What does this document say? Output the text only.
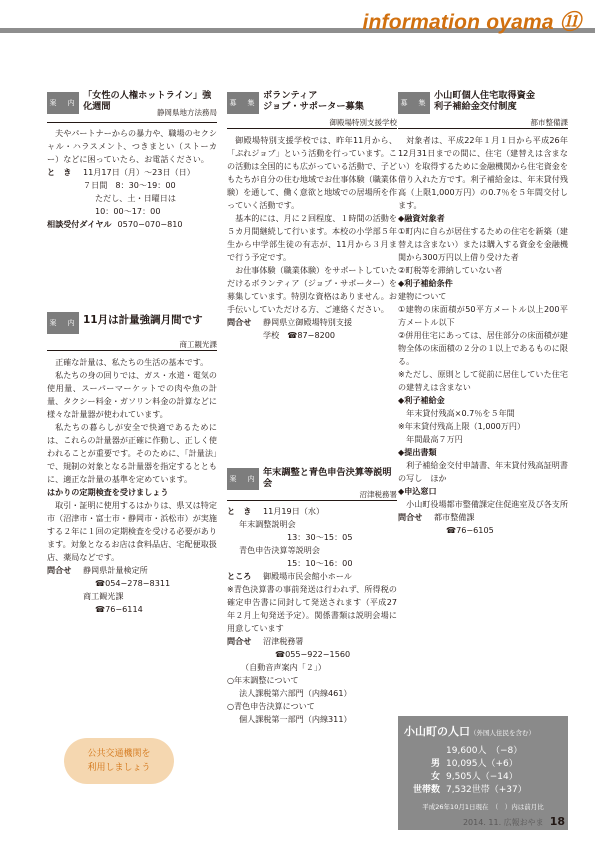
information oyama ⑪
案　内
「女性の人権ホットライン」強化週間
静岡県地方法務局

夫やパートナーからの暴力や、職場のセクシャル・ハラスメント、つきまとい（ストーカー）などに困っていたら、お電話ください。

と　き	11月17日（月）～23日（日）

７日間　8：30～19：00

ただし、土・日曜日は

10：00～17：00

相談受付ダイヤル 0570−070−810
案　内 11月は計量強調月間です
商工観光課

正確な計量は、私たちの生活の基本です。

私たちの身の回りでは、ガス・水道・電気の使用量、スーパーマーケットでの肉や魚の計量、タクシー料金・ガソリン料金の計算などに様々な計量器が使われています。

私たちの暮らしが安全で快適であるためには、これらの計量器が正確に作動し、正しく使われることが重要です。そのために、「計量法」で、規制の対象となる計量器を指定するとともに、適正な計量の基準を定めています。

はかりの定期検査を受けましょう

取引・証明に使用するはかりは、県又は特定市（沼津市・富士市・静岡市・浜松市）が実施する２年に１回の定期検査を受ける必要があります。対象となるお店は食料品店、宅配便取扱店、薬局などです。

問合せ	静岡県計量検定所

☎054−278−8311

商工観光課

☎76−6114

公共交通機関を
利用しましょう
募　集
ボランティア
ジョブ・サポーター募集
御殿場特別支援学校

御殿場特別支援学校では、昨年11月から、「ぷれジョブ」という活動を行っています。この活動は全国的にも広がっている活動で、子どもたちが自分の住む地域でお仕事体験（職業体験）を通して、働く意欲と地域での居場所を作っていく活動です。

基本的には、月に２回程度、１時間の活動を５カ月間継続して行います。本校の小学部５年生から中学部生徒の有志が、11月から３月まで行う予定です。

お仕事体験（職業体験）をサポートしていただけるボランティア（ジョブ・サポーター）を募集しています。特別な資格はありません。お手伝いしていただける方、ご連絡ください。

問合せ	静岡県立御殿場特別支援

学校　☎87−8200

案　内
年末調整と青色申告決算等説明会
沼津税務署
と　き	11月19日（水）

年末調整説明会

13：30～15：05

青色申告決算等説明会

15：10～16：00

ところ	御殿場市民会館小ホール

※青色決算書の事前発送は行われず、所得税の確定申告書に同封して発送されます（平成27年２月上旬発送予定）。関係書類は説明会場に用意しています

問合せ	沼津税務署

☎055−922−1560

（自動音声案内「２」）

○年末調整について

法人課税第六部門（内線461）

○青色申告決算について

個人課税第一部門（内線311）

募　集
小山町個人住宅取得資金
利子補給金交付制度
都市整備課

対象者は、平成22年１月１日から平成26年12月31日までの間に、住宅（建替えは含まない）を取得するために金融機関から住宅資金を借り入れた方です。利子補給金は、年末貸付残高（上限1,000万円）の0.7％を５年間交付します。

◆融資対象者

①町内に自らが居住するための住宅を新築（建替えは含まない）または購入する資金を金融機関から300万円以上借り受けた者

②町税等を滞納していない者

◆利子補給条件

建物について

①建物の床面積が50平方メートル以上200平方メートル以下

②併用住宅にあっては、居住部分の床面積が建物全体の床面積の２分の１以上であるものに限る。

※ただし、原則として従前に居住していた住宅の建替えは含まない

◆利子補給金

年末貸付残高×0.7％を５年間

※年末貸付残高上限（1,000万円）

年間最高７万円

◆提出書類

利子補給金交付申請書、年末貸付残高証明書の写し　ほか

◆申込窓口

小山町役場都市整備課定住促進室及び各支所

問合せ	都市整備課

☎76−6105

小山町の人口（外国人住民を含む）
19,600人　（−8）
男 10,095人（+6）
女 9,505人（−14）
世帯数 7,532世帯（+37）
平成26年10月1日現在　（　）内は前月比
2014. 11. 広報おやま 18
